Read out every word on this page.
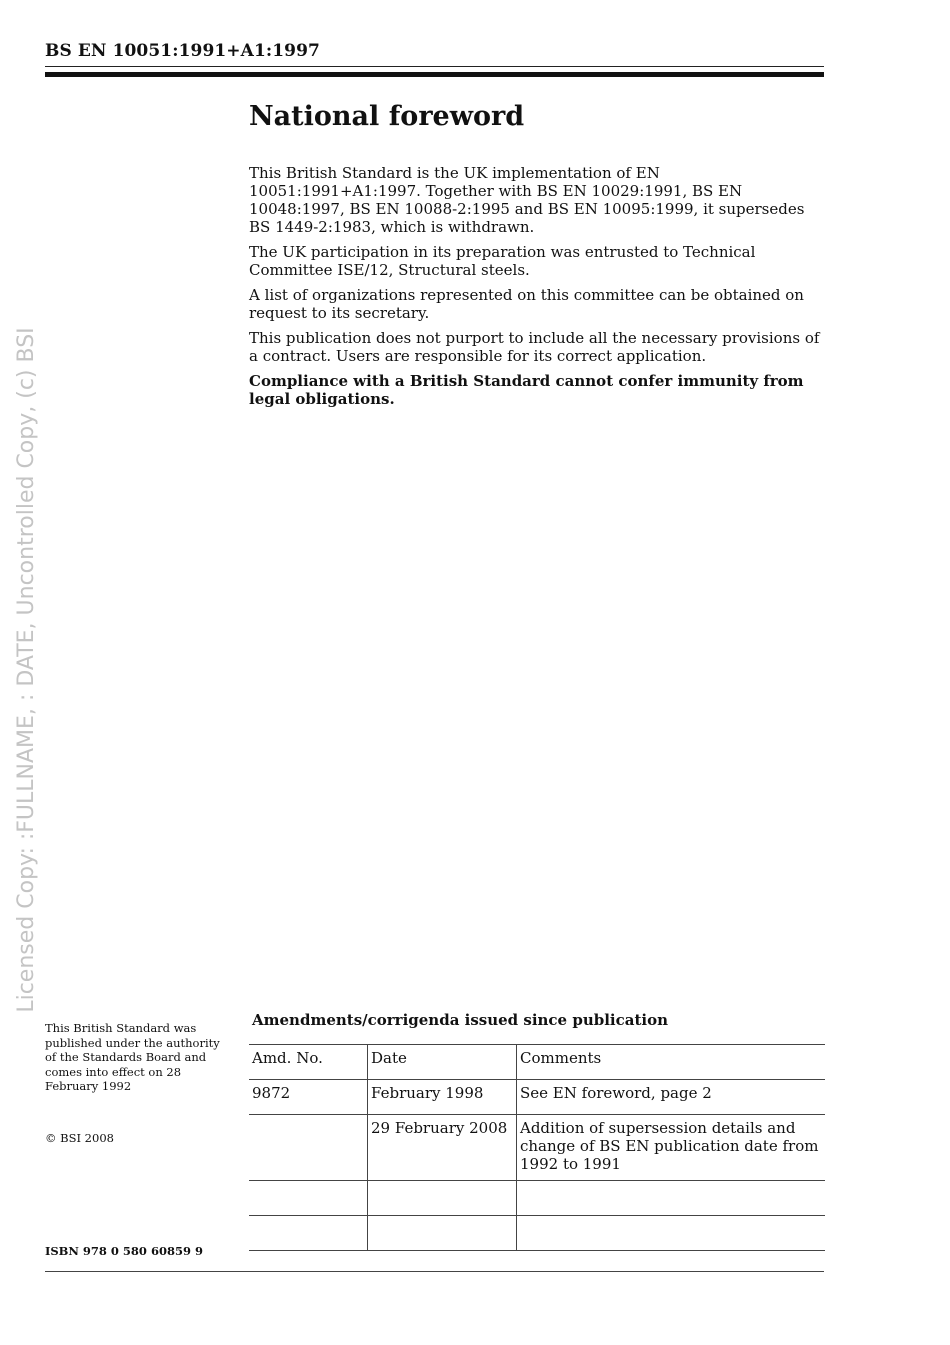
BS EN 10051:1991+A1:1997
Licensed Copy: :FULLNAME, : DATE, Uncontrolled Copy, (c) BSI
National foreword

This British Standard is the UK implementation of EN 10051:1991+A1:1997. Together with BS EN 10029:1991, BS EN 10048:1997, BS EN 10088-2:1995 and BS EN 10095:1999, it supersedes BS 1449-2:1983, which is withdrawn.

The UK participation in its preparation was entrusted to Technical Committee ISE/12, Structural steels.

A list of organizations represented on this committee can be obtained on request to its secretary.

This publication does not purport to include all the necessary provisions of a contract. Users are responsible for its correct application.

Compliance with a British Standard cannot confer immunity from legal obligations.

This British Standard was published under the authority of the Standards Board and comes into effect on 28 February 1992
© BSI 2008
ISBN 978 0 580 60859 9
Amendments/corrigenda issued since publication
Amd. No.	Date	Comments
9872	February 1998	See EN foreword, page 2
	29 February 2008	Addition of supersession details and change of BS EN publication date from 1992 to 1991
